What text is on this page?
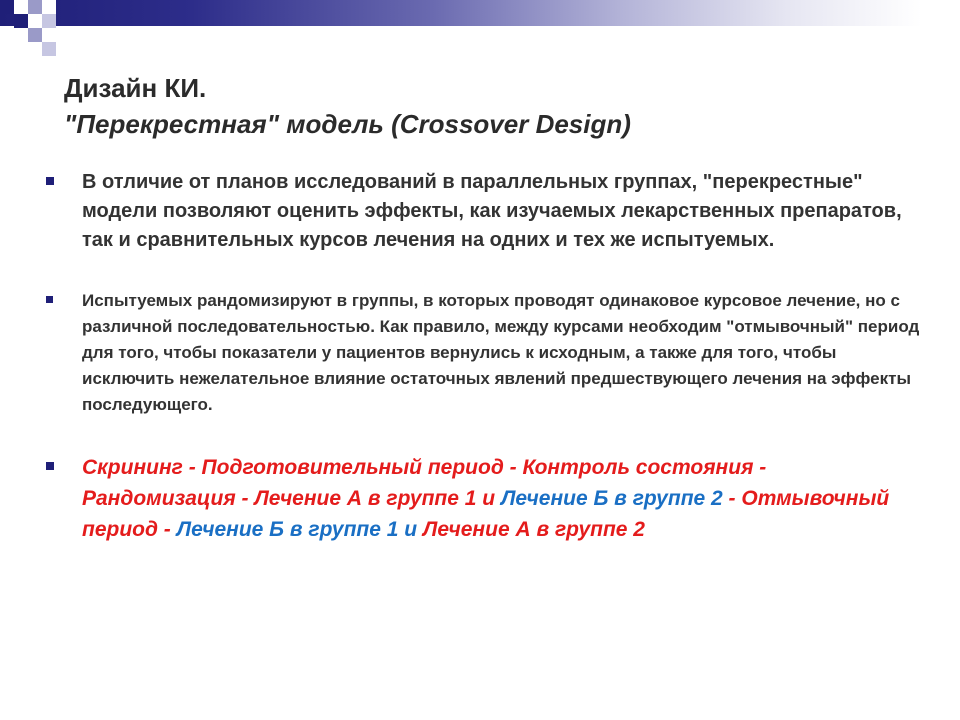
Дизайн КИ.
"Перекрестная" модель (Crossover Design)
В отличие от планов исследований в параллельных группах, "перекрестные" модели позволяют оценить эффекты, как изучаемых лекарственных препаратов, так и сравнительных курсов лечения на одних и тех же испытуемых.
Испытуемых рандомизируют в группы, в которых проводят одинаковое курсовое лечение, но с различной последовательностью. Как правило, между курсами необходим "отмывочный" период для того, чтобы показатели у пациентов вернулись к исходным, а также для того, чтобы исключить нежелательное влияние остаточных явлений предшествующего лечения на эффекты последующего.
Скрининг - Подготовительный период - Контроль состояния - Рандомизация - Лечение А в группе 1 и Лечение Б в группе 2 - Отмывочный период - Лечение Б в группе 1 и Лечение А в группе 2
